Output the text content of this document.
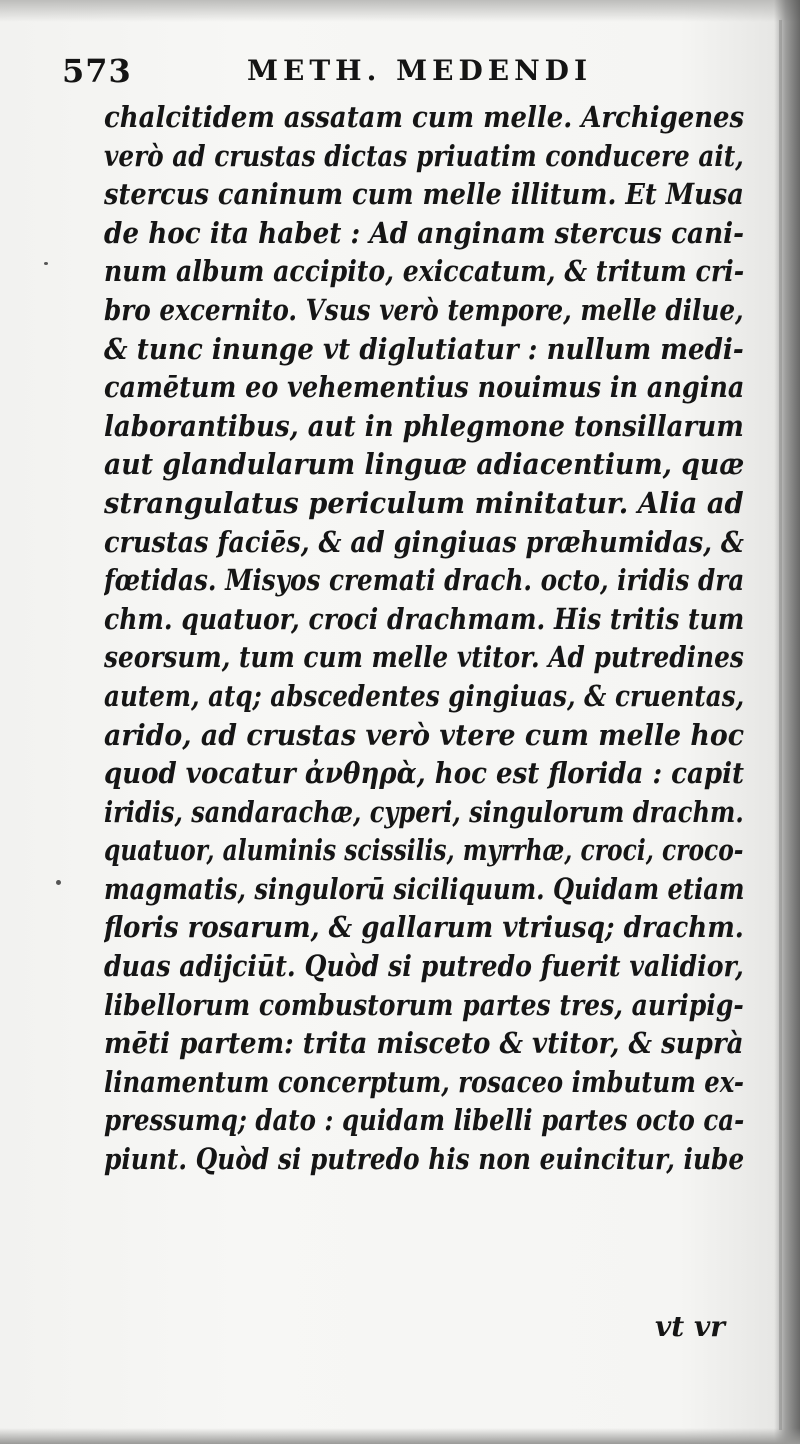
573	METH. MEDENDI
chalcitidem assatam cum melle. Archigenes
verò ad crustas dictas priuatim conducere ait,
stercus caninum cum melle illitum. Et Musa
de hoc ita habet : Ad anginam stercus cani-
num album accipito, exiccatum, & tritum cri-
bro excernito. Vsus verò tempore, melle dilue,
& tunc inunge vt diglutiatur : nullum medi-
camētum eo vehementius nouimus in angina
laborantibus, aut in phlegmone tonsillarum
aut glandularum linguæ adiacentium, quæ
strangulatus periculum minitatur. Alia ad
crustas faciēs, & ad gingiuas præhumidas, &
fœtidas. Misyos cremati drach. octo, iridis dra
chm. quatuor, croci drachmam. His tritis tum
seorsum, tum cum melle vtitor. Ad putredines
autem, atq; abscedentes gingiuas, & cruentas,
arido, ad crustas verò vtere cum melle hoc
quod vocatur ἀνθηρὰ, hoc est florida : capit
iridis, sandarachæ, cyperi, singulorum drachm.
quatuor, aluminis scissilis, myrrhæ, croci, croco-
magmatis, singulorū siciliquum. Quidam etiam
floris rosarum, & gallarum vtriusq; drachm.
duas adijciūt. Quòd si putredo fuerit validior,
libellorum combustorum partes tres, auripig-
mēti partem: trita misceto & vtitor, & suprà
linamentum concerptum, rosaceo imbutum ex-
pressumq; dato : quidam libelli partes octo ca-
piunt. Quòd si putredo his non euincitur, iube
vt vr
